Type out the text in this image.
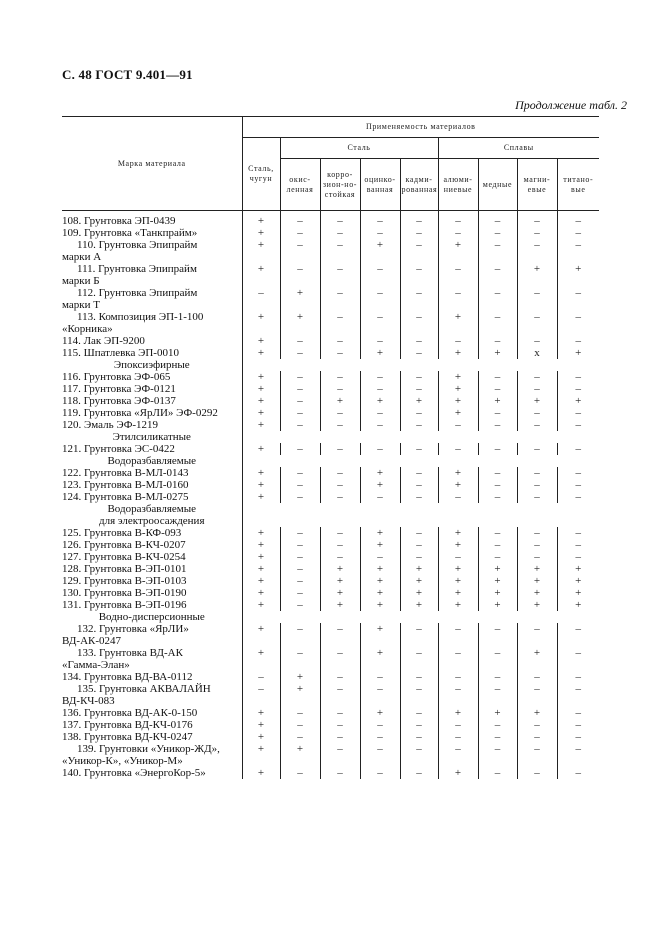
С. 48 ГОСТ 9.401—91
Продолжение табл. 2
Марка материала	Применяемость материалов								
	Сталь, чугун	Сталь				Сплавы			
		окис-ленная	корро-зион-но-стойкая	оцинко-ванная	кадми-рованная	алюми-ниевые	медные	магни-евые	титано-вые
108. Грунтовка ЭП-0439	+	–	–	–	–	–	–	–	–
109. Грунтовка «Танкпрайм»	+	–	–	–	–	–	–	–	–

110. Грунтовка Эпипрайм
марки А	+	–	–	+	–	+	–	–	–

111. Грунтовка Эпипрайм
марки Б	+	–	–	–	–	–	–	+	+

112. Грунтовка Эпипрайм
марки Т	–	+	–	–	–	–	–	–	–

113. Композиция ЭП-1-100
«Корника»	+	+	–	–	–	+	–	–	–
114. Лак ЭП-9200	+	–	–	–	–	–	–	–	–
115. Шпатлевка ЭП-0010	+	–	–	+	–	+	+	x	+
Эпоксиэфирные									
116. Грунтовка ЭФ-065	+	–	–	–	–	+	–	–	–
117. Грунтовка ЭФ-0121	+	–	–	–	–	+	–	–	–
118. Грунтовка ЭФ-0137	+	–	+	+	+	+	+	+	+
119. Грунтовка «ЯрЛИ» ЭФ-0292	+	–	–	–	–	+	–	–	–
120. Эмаль ЭФ-1219	+	–	–	–	–	–	–	–	–
Этилсиликатные									
121. Грунтовка ЭС-0422	+	–	–	–	–	–	–	–	–
Водоразбавляемые									
122. Грунтовка В-МЛ-0143	+	–	–	+	–	+	–	–	–
123. Грунтовка В-МЛ-0160	+	–	–	+	–	+	–	–	–
124. Грунтовка В-МЛ-0275	+	–	–	–	–	–	–	–	–
Водоразбавляемые									
для электроосаждения									
125. Грунтовка В-КФ-093	+	–	–	+	–	+	–	–	–
126. Грунтовка В-КЧ-0207	+	–	–	+	–	+	–	–	–
127. Грунтовка В-КЧ-0254	+	–	–	–	–	–	–	–	–
128. Грунтовка В-ЭП-0101	+	–	+	+	+	+	+	+	+
129. Грунтовка В-ЭП-0103	+	–	+	+	+	+	+	+	+
130. Грунтовка В-ЭП-0190	+	–	+	+	+	+	+	+	+
131. Грунтовка В-ЭП-0196	+	–	+	+	+	+	+	+	+
Водно-дисперсионные									

132. Грунтовка «ЯрЛИ»
ВД-АК-0247	+	–	–	+	–	–	–	–	–

133. Грунтовка ВД-АК
«Гамма-Элан»	+	–	–	+	–	–	–	+	–
134. Грунтовка ВД-ВА-0112	–	+	–	–	–	–	–	–	–

135. Грунтовка АКВАЛАЙН
ВД-КЧ-083	–	+	–	–	–	–	–	–	–
136. Грунтовка ВД-АК-0-150	+	–	–	+	–	+	+	+	–
137. Грунтовка ВД-КЧ-0176	+	–	–	–	–	–	–	–	–
138. Грунтовка ВД-КЧ-0247	+	–	–	–	–	–	–	–	–

139. Грунтовки «Уникор-ЖД»,
«Уникор-К», «Уникор-М»	+	+	–	–	–	–	–	–	–
140. Грунтовка «ЭнергоКор-5»	+	–	–	–	–	+	–	–	–
